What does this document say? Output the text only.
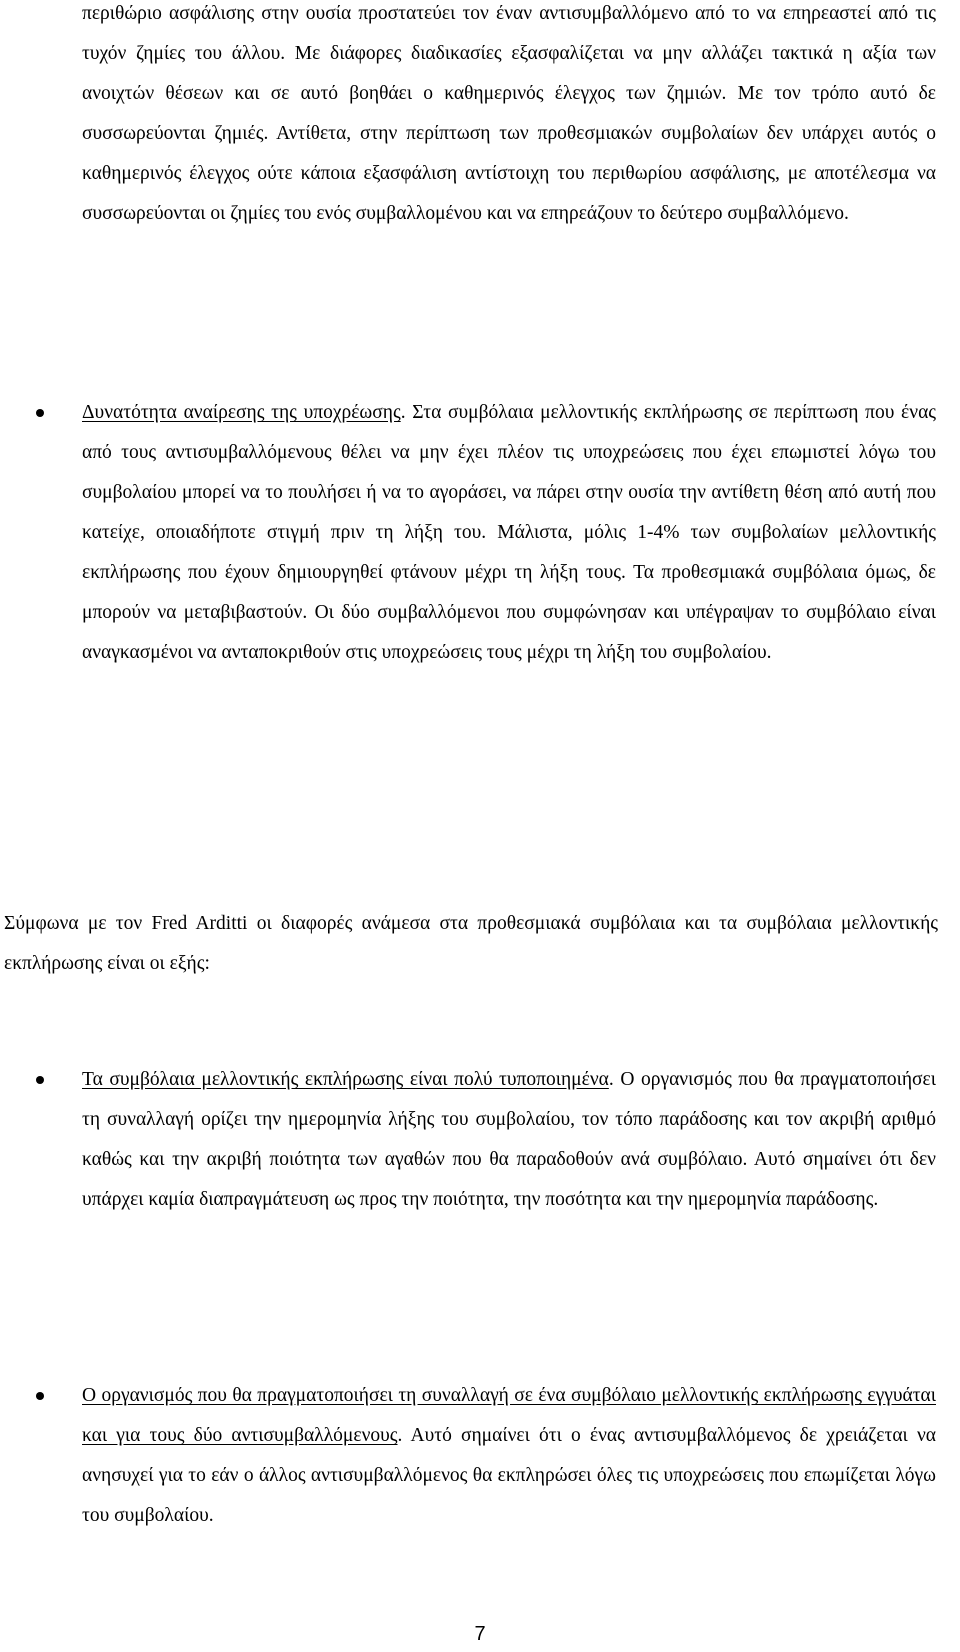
περιθώριο ασφάλισης στην ουσία προστατεύει τον έναν αντισυμβαλλόμενο από το να επηρεαστεί από τις τυχόν ζημίες του άλλου. Με διάφορες διαδικασίες εξασφαλίζεται να μην αλλάζει τακτικά η αξία των ανοιχτών θέσεων και σε αυτό βοηθάει ο καθημερινός έλεγχος των ζημιών. Με τον τρόπο αυτό δε συσσωρεύονται ζημιές. Αντίθετα, στην περίπτωση των προθεσμιακών συμβολαίων δεν υπάρχει αυτός ο καθημερινός έλεγχος ούτε κάποια εξασφάλιση αντίστοιχη του περιθωρίου ασφάλισης, με αποτέλεσμα να συσσωρεύονται οι ζημίες του ενός συμβαλλομένου και να επηρεάζουν το δεύτερο συμβαλλόμενο.

Δυνατότητα αναίρεσης της υποχρέωσης. Στα συμβόλαια μελλοντικής εκπλήρωσης σε περίπτωση που ένας από τους αντισυμβαλλόμενους θέλει να μην έχει πλέον τις υποχρεώσεις που έχει επωμιστεί λόγω του συμβολαίου μπορεί να το πουλήσει ή να το αγοράσει, να πάρει στην ουσία την αντίθετη θέση από αυτή που κατείχε, οποιαδήποτε στιγμή πριν τη λήξη του. Μάλιστα, μόλις 1-4% των συμβολαίων μελλοντικής εκπλήρωσης που έχουν δημιουργηθεί φτάνουν μέχρι τη λήξη τους. Τα προθεσμιακά συμβόλαια όμως, δε μπορούν να μεταβιβαστούν. Οι δύο συμβαλλόμενοι που συμφώνησαν και υπέγραψαν το συμβόλαιο είναι αναγκασμένοι να ανταποκριθούν στις υποχρεώσεις τους μέχρι τη λήξη του συμβολαίου.

Σύμφωνα με τον Fred Arditti οι διαφορές ανάμεσα στα προθεσμιακά συμβόλαια και τα συμβόλαια μελλοντικής εκπλήρωσης είναι οι εξής:

Τα συμβόλαια μελλοντικής εκπλήρωσης είναι πολύ τυποποιημένα. Ο οργανισμός που θα πραγματοποιήσει τη συναλλαγή ορίζει την ημερομηνία λήξης του συμβολαίου, τον τόπο παράδοσης και τον ακριβή αριθμό καθώς και την ακριβή ποιότητα των αγαθών που θα παραδοθούν ανά συμβόλαιο. Αυτό σημαίνει ότι δεν υπάρχει καμία διαπραγμάτευση ως προς την ποιότητα, την ποσότητα και την ημερομηνία παράδοσης.

Ο οργανισμός που θα πραγματοποιήσει τη συναλλαγή σε ένα συμβόλαιο μελλοντικής εκπλήρωσης εγγυάται και για τους δύο αντισυμβαλλόμενους. Αυτό σημαίνει ότι ο ένας αντισυμβαλλόμενος δε χρειάζεται να ανησυχεί για το εάν ο άλλος αντισυμβαλλόμενος θα εκπληρώσει όλες τις υποχρεώσεις που επωμίζεται λόγω του συμβολαίου.

7
